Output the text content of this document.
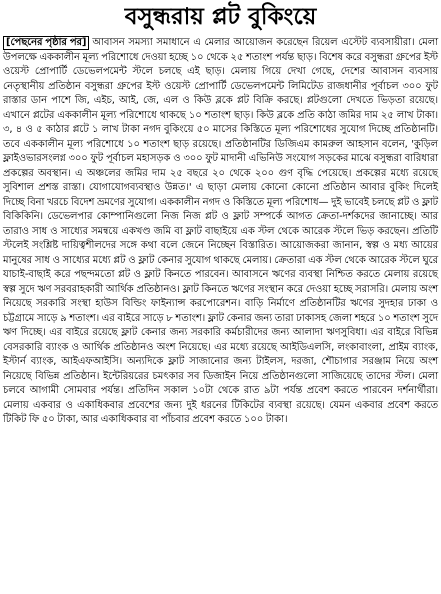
বসুন্ধরায় প্লট বুকিংয়ে

[পেছনের পৃষ্ঠার পর] আবাসন সমস্যা সমাধানে এ মেলার আয়োজন করেছেন রিয়েল এস্টেট ব্যবসায়ীরা। মেলা উপলক্ষে এককালীন মূল্য পরিশোধে দেওয়া হচ্ছে ১০ থেকে ২৫ শতাংশ পর্যন্ত ছাড়। বিশেষ করে বসুন্ধরা গ্রুপের ইস্ট ওয়েস্ট প্রোপার্টি ডেভেলপমেন্ট স্টলে চলছে এই ছাড়। মেলায় গিয়ে দেখা গেছে, দেশের আবাসন ব্যবসায় নেতৃস্থানীয় প্রতিষ্ঠান বসুন্ধরা গ্রুপের ইস্ট ওয়েস্ট প্রোপার্টি ডেভেলপমেন্ট লিমিটেড রাজধানীর পূর্বাচল ৩০০ ফুট রাস্তার ডান পাশে জি, এইচ, আই, জে, এল ও কিউ ব্লকে প্লট বিক্রি করছে। প্লটগুলো দেখতে ভিড়তা রয়েছে। এখানে প্লটের এককালীন মূল্য পরিশোধে থাকছে ১০ শতাংশ ছাড়। কিউ ব্লকে প্রতি কাঠা জমির দাম ২৫ লাখ টাকা। ৩, ৪ ও ৫ কাঠার প্লটে ১ লাখ টাকা নগদ বুকিংয়ে ৫০ মাসের কিস্তিতে মূল্য পরিশোধের সুযোগ দিচ্ছে প্রতিষ্ঠানটি। তবে এককালীন মূল্য পরিশোধে ১০ শতাংশ ছাড় রয়েছে। প্রতিষ্ঠানটির ডিজিএম কামরুল আহসান বলেন, 'কুড়িল ফ্লাইওভারসংলগ্ন ৩০০ ফুট পূর্বাচল মহাসড়ক ও ৩০০ ফুট মাদানী এভিনিউ সংযোগ সড়কের মাঝে বসুন্ধরা বারিধারা প্রকল্পের অবস্থান। এ অঞ্চলের জমির দাম ২৫ বছরে ২০ থেকে ২০০ গুণ বৃদ্ধি পেয়েছে। প্রকল্পের মধ্যে রয়েছে সুবিশাল প্রশস্ত রাস্তা। যোগাযোগব্যবস্থাও উন্নত।' এ ছাড়া মেলায় কোনো কোনো প্রতিষ্ঠান আবার বুকিং দিলেই দিচ্ছে বিনা খরচে বিদেশ ভ্রমণের সুযোগ। এককালীন নগদ ও কিস্তিতে মূল্য পরিশোধ— দুই ভাবেই চলছে প্লট ও ফ্লাট বিকিকিনি। ডেভেলপার কোম্পানিগুলো নিজ নিজ প্লট ও ফ্লাট সম্পর্কে আগত ক্রেতা-দর্শকদের জানাচ্ছে। আর তারাও সাধ ও সাধ্যের সমন্বয়ে একখণ্ড জমি বা ফ্লাট বাছাইয়ে এক স্টল থেকে আরেক স্টলে ভিড় করছেন। প্রতিটি স্টলেই সংশ্লিষ্ট দায়িত্বশীলদের সঙ্গে কথা বলে জেনে নিচ্ছেন বিস্তারিত। আয়োজকরা জানান, স্বল্প ও মধ্য আয়ের মানুষের সাধ ও সাধ্যের মধ্যে প্লট ও ফ্লাট কেনার সুযোগ থাকছে মেলায়। ক্রেতারা এক স্টল থেকে আরেক স্টলে ঘুরে যাচাই-বাছাই করে পছন্দমতো প্লট ও ফ্লাট কিনতে পারবেন। আবাসনে ঋণের ব্যবস্থা নিশ্চিত করতে মেলায় রয়েছে স্বল্প সুদে ঋণ সরবরাহকারী আর্থিক প্রতিষ্ঠানও। ফ্লাট কিনতে ঋণের সংস্থান করে দেওয়া হচ্ছে সরাসরি। মেলায় অংশ নিয়েছে সরকারি সংস্থা হাউস বিল্ডিং ফাইন্যান্স করপোরেশন। বাড়ি নির্মাণে প্রতিষ্ঠানটির ঋণের সুদহার ঢাকা ও চট্টগ্রামে সাড়ে ৯ শতাংশ। এর বাইরে সাড়ে ৮ শতাংশ। ফ্লাট কেনার জন্য তারা ঢাকাসহ জেলা শহরে ১০ শতাংশ সুদে ঋণ দিচ্ছে। এর বাইরে রয়েছে ফ্লাট কেনার জন্য সরকারি কর্মচারীদের জন্য আলাদা ঋণসুবিধা। এর বাইরে বিভিন্ন বেসরকারি ব্যাংক ও আর্থিক প্রতিষ্ঠানও অংশ নিয়েছে। এর মধ্যে রয়েছে আইডিএলসি, লংকাবাংলা, প্রাইম ব্যাংক, ইস্টার্ন ব্যাংক, আইএফআইসি। অন্যদিকে ফ্লাট সাজানোর জন্য টাইলস, দরজা, শৌচাগার সরঞ্জাম নিয়ে অংশ নিয়েছে বিভিন্ন প্রতিষ্ঠান। ইন্টেরিয়রের চমৎকার সব ডিজাইন নিয়ে প্রতিষ্ঠানগুলো সাজিয়েছে তাদের স্টল। মেলা চলবে আগামী সোমবার পর্যন্ত। প্রতিদিন সকাল ১০টা থেকে রাত ৯টা পর্যন্ত প্রবেশ করতে পারবেন দর্শনার্থীরা। মেলায় একবার ও একাধিকবার প্রবেশের জন্য দুই ধরনের টিকিটের ব্যবস্থা রয়েছে। যেমন একবার প্রবেশ করতে টিকিট ফি ৫০ টাকা, আর একাধিকবার বা পাঁচবার প্রবেশ করতে ১০০ টাকা।
